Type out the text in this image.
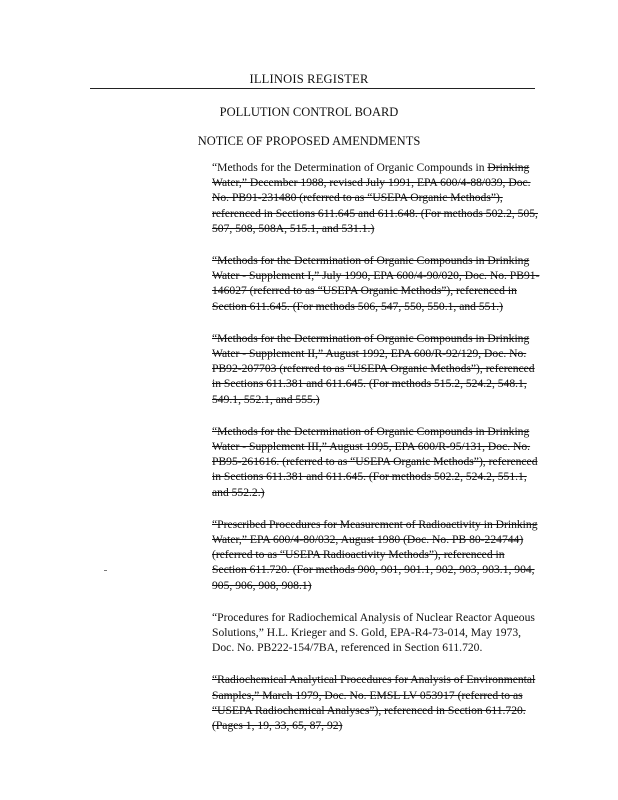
ILLINOIS REGISTER
POLLUTION CONTROL BOARD
NOTICE OF PROPOSED AMENDMENTS

“Methods for the Determination of Organic Compounds in Drinking Water,” December 1988, revised July 1991, EPA 600/4-88/039, Doc. No. PB91-231480 (referred to as “USEPA Organic Methods”), referenced in Sections 611.645 and 611.648. (For methods 502.2, 505, 507, 508, 508A, 515.1, and 531.1.)

“Methods for the Determination of Organic Compounds in Drinking Water - Supplement I,” July 1990, EPA 600/4-90/020, Doc. No. PB91-146027 (referred to as “USEPA Organic Methods”), referenced in Section 611.645. (For methods 506, 547, 550, 550.1, and 551.)

“Methods for the Determination of Organic Compounds in Drinking Water - Supplement II,” August 1992, EPA 600/R-92/129, Doc. No. PB92-207703 (referred to as “USEPA Organic Methods”), referenced in Sections 611.381 and 611.645. (For methods 515.2, 524.2, 548.1, 549.1, 552.1, and 555.)

“Methods for the Determination of Organic Compounds in Drinking Water - Supplement III,” August 1995, EPA 600/R-95/131, Doc. No. PB95-261616. (referred to as “USEPA Organic Methods”), referenced in Sections 611.381 and 611.645. (For methods 502.2, 524.2, 551.1, and 552.2.)

“Prescribed Procedures for Measurement of Radioactivity in Drinking Water,” EPA 600/4-80/032, August 1980 (Doc. No. PB 80-224744) (referred to as “USEPA Radioactivity Methods”), referenced in Section 611.720. (For methods 900, 901, 901.1, 902, 903, 903.1, 904, 905, 906, 908, 908.1)

“Procedures for Radiochemical Analysis of Nuclear Reactor Aqueous Solutions,” H.L. Krieger and S. Gold, EPA-R4-73-014, May 1973, Doc. No. PB222-154/7BA, referenced in Section 611.720.

“Radiochemical Analytical Procedures for Analysis of Environmental Samples,” March 1979, Doc. No. EMSL LV 053917 (referred to as “USEPA Radiochemical Analyses”), referenced in Section 611.720. (Pages 1, 19, 33, 65, 87, 92)
